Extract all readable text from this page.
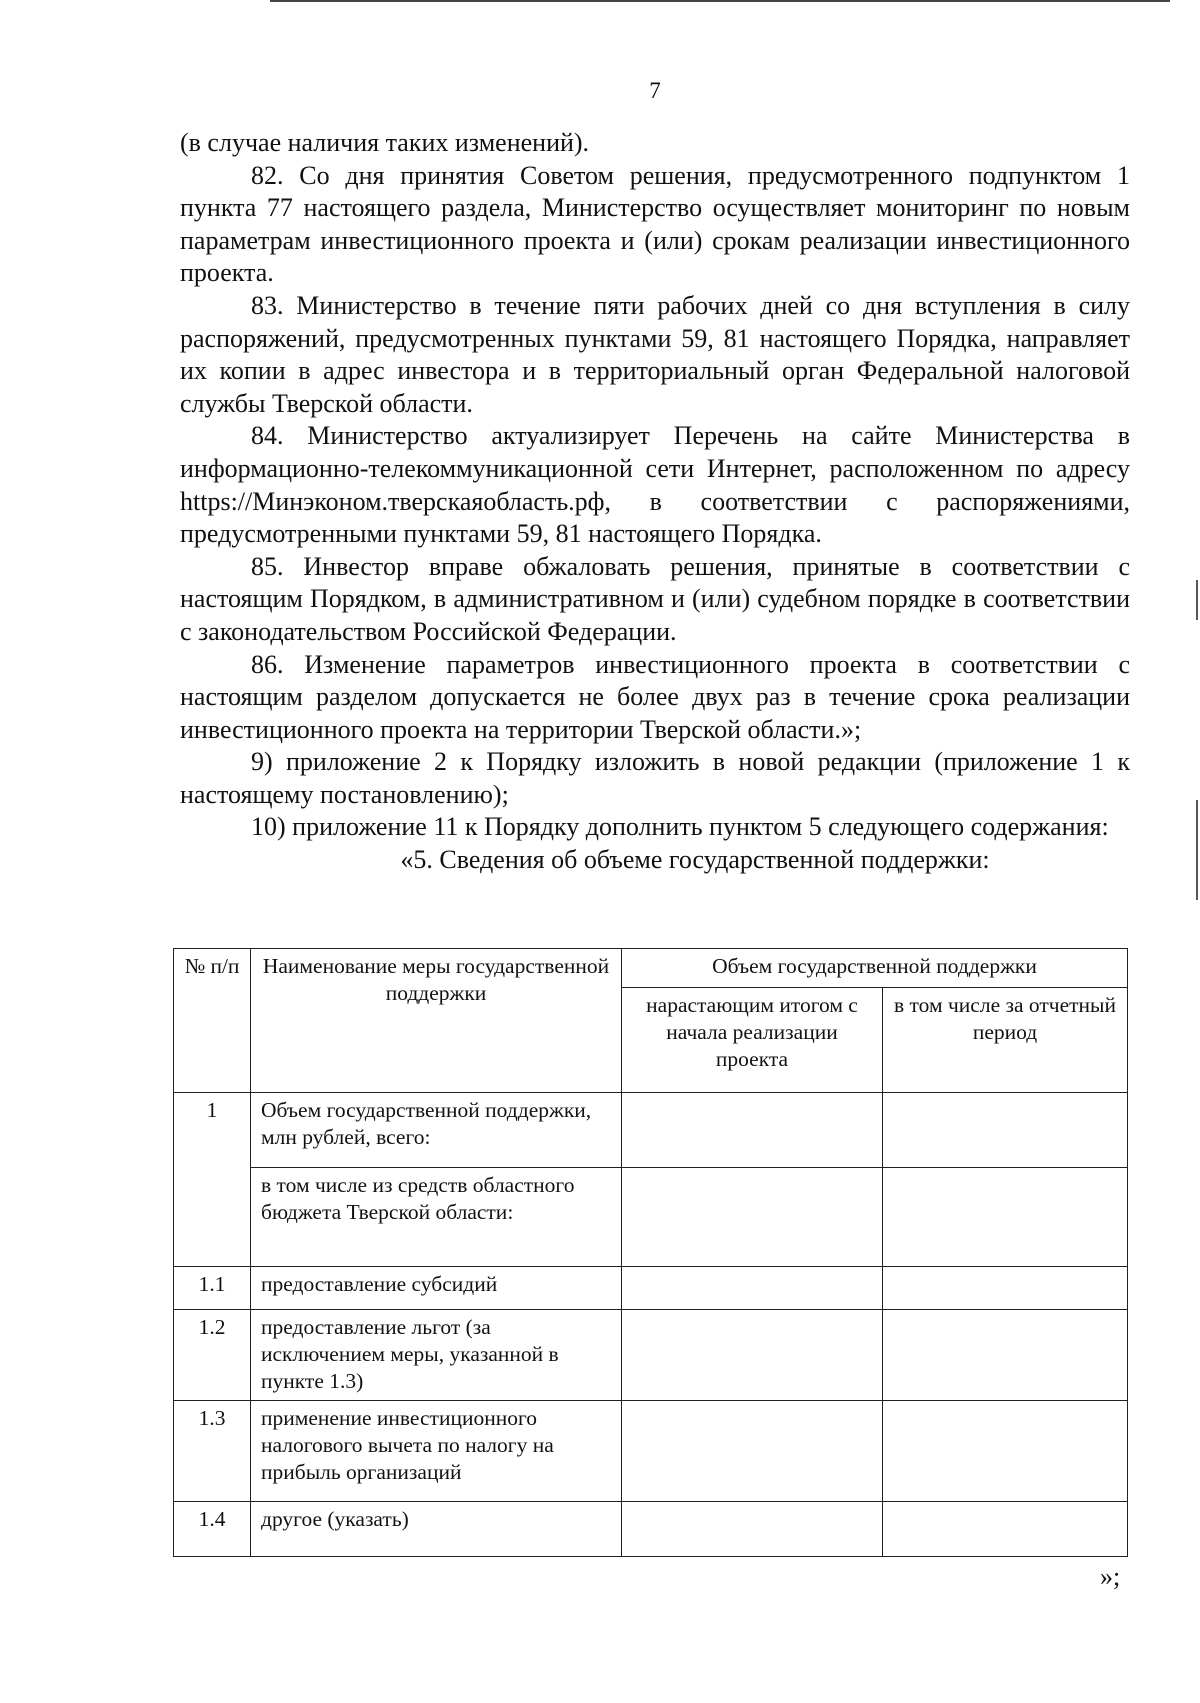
7

(в случае наличия таких изменений).

82. Со дня принятия Советом решения, предусмотренного подпунктом 1 пункта 77 настоящего раздела, Министерство осуществляет мониторинг по новым параметрам инвестиционного проекта и (или) срокам реализации инвестиционного проекта.

83. Министерство в течение пяти рабочих дней со дня вступления в силу распоряжений, предусмотренных пунктами 59, 81 настоящего Порядка, направляет их копии в адрес инвестора и в территориальный орган Федеральной налоговой службы Тверской области.

84. Министерство актуализирует Перечень на сайте Министерства в информационно-телекоммуникационной сети Интернет, расположенном по адресу https://Минэконом.тверскаяобласть.рф, в соответствии с распоряжениями, предусмотренными пунктами 59, 81 настоящего Порядка.

85. Инвестор вправе обжаловать решения, принятые в соответствии с настоящим Порядком, в административном и (или) судебном порядке в соответствии с законодательством Российской Федерации.

86. Изменение параметров инвестиционного проекта в соответствии с настоящим разделом допускается не более двух раз в течение срока реализации инвестиционного проекта на территории Тверской области.»;

9) приложение 2 к Порядку изложить в новой редакции (приложение 1 к настоящему постановлению);

10) приложение 11 к Порядку дополнить пунктом 5 следующего содержания:

«5. Сведения об объеме государственной поддержки:

№ п/п	Наименование меры государственной поддержки	Объем государственной поддержки	
		нарастающим итогом с начала реализации проекта	в том числе за отчетный период
1	Объем государственной поддержки, млн рублей, всего:		
	в том числе из средств областного бюджета Тверской области:		
1.1	предоставление субсидий		
1.2	предоставление льгот (за исключением меры, указанной в пункте 1.3)		
1.3	применение инвестиционного налогового вычета по налогу на прибыль организаций		
1.4	другое (указать)		
»;
